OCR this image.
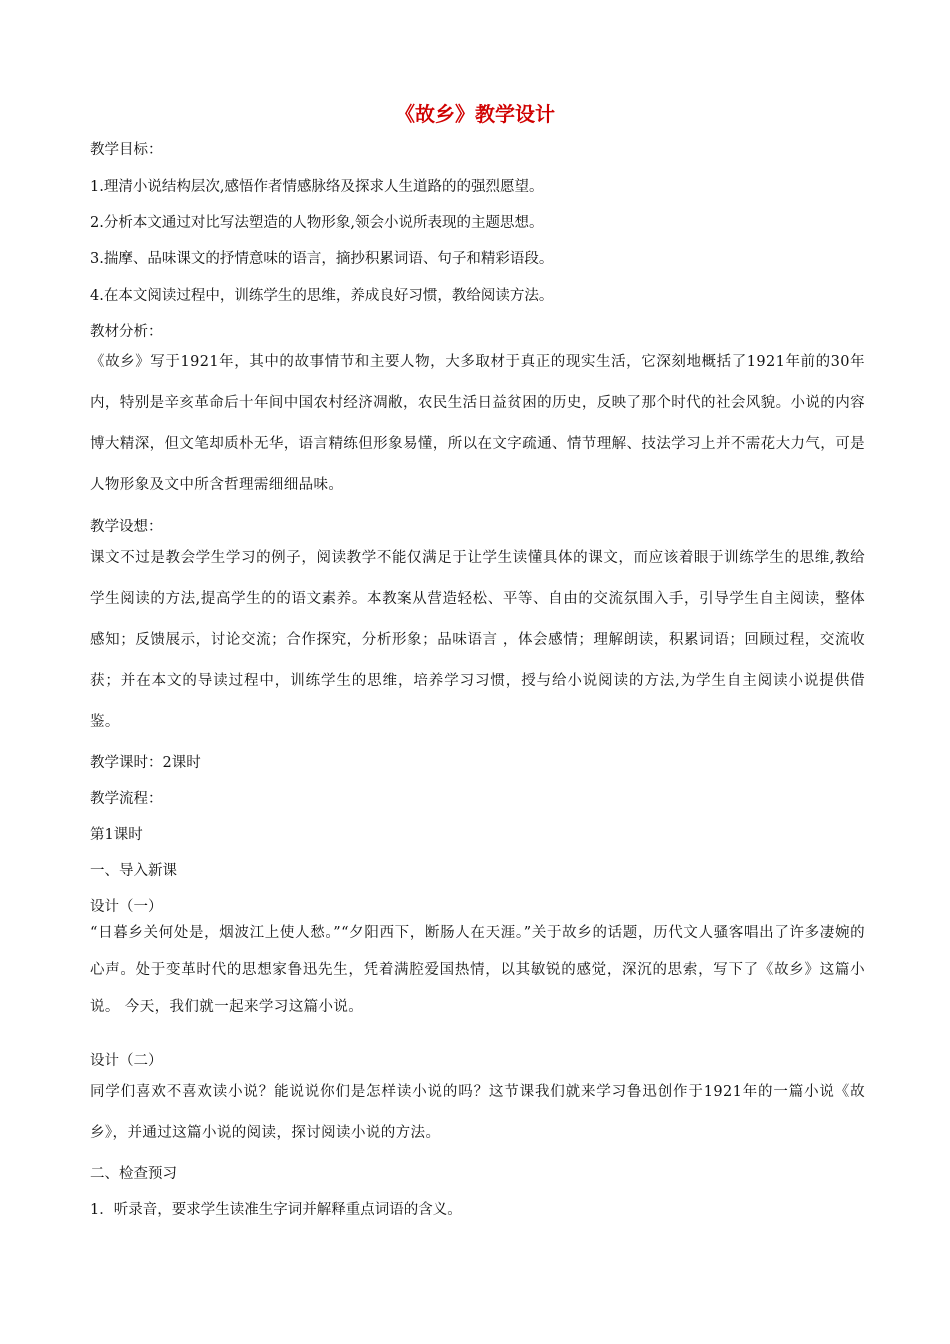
《故乡》教学设计
教学目标：
1.理清小说结构层次,感悟作者情感脉络及探求人生道路的的强烈愿望。
2.分析本文通过对比写法塑造的人物形象,领会小说所表现的主题思想。
3.揣摩、品味课文的抒情意味的语言，摘抄积累词语、句子和精彩语段。
4.在本文阅读过程中，训练学生的思维，养成良好习惯，教给阅读方法。
教材分析：

《故乡》写于1921年，其中的故事情节和主要人物，大多取材于真正的现实生活，它深刻地概括了1921年前的30年内，特别是辛亥革命后十年间中国农村经济凋敝，农民生活日益贫困的历史，反映了那个时代的社会风貌。小说的内容博大精深，但文笔却质朴无华，语言精练但形象易懂，所以在文字疏通、情节理解、技法学习上并不需花大力气，可是人物形象及文中所含哲理需细细品味。

教学设想：

课文不过是教会学生学习的例子，阅读教学不能仅满足于让学生读懂具体的课文，而应该着眼于训练学生的思维,教给学生阅读的方法,提高学生的的语文素养。本教案从营造轻松、平等、自由的交流氛围入手，引导学生自主阅读，整体感知；反馈展示，讨论交流；合作探究，分析形象；品味语言 ，体会感情；理解朗读，积累词语；回顾过程，交流收获；并在本文的导读过程中，训练学生的思维，培养学习习惯，授与给小说阅读的方法,为学生自主阅读小说提供借鉴。

教学课时：2课时
教学流程：
第1课时
一、导入新课
设计（一）

“日暮乡关何处是，烟波江上使人愁。”“夕阳西下，断肠人在天涯。”关于故乡的话题，历代文人骚客唱出了许多凄婉的心声。处于变革时代的思想家鲁迅先生，凭着满腔爱国热情，以其敏锐的感觉，深沉的思索，写下了《故乡》这篇小说。 今天，我们就一起来学习这篇小说。

设计（二）

同学们喜欢不喜欢读小说？能说说你们是怎样读小说的吗？这节课我们就来学习鲁迅创作于1921年的一篇小说《故乡》，并通过这篇小说的阅读，探讨阅读小说的方法。

二、检查预习
1．听录音，要求学生读准生字词并解释重点词语的含义。
